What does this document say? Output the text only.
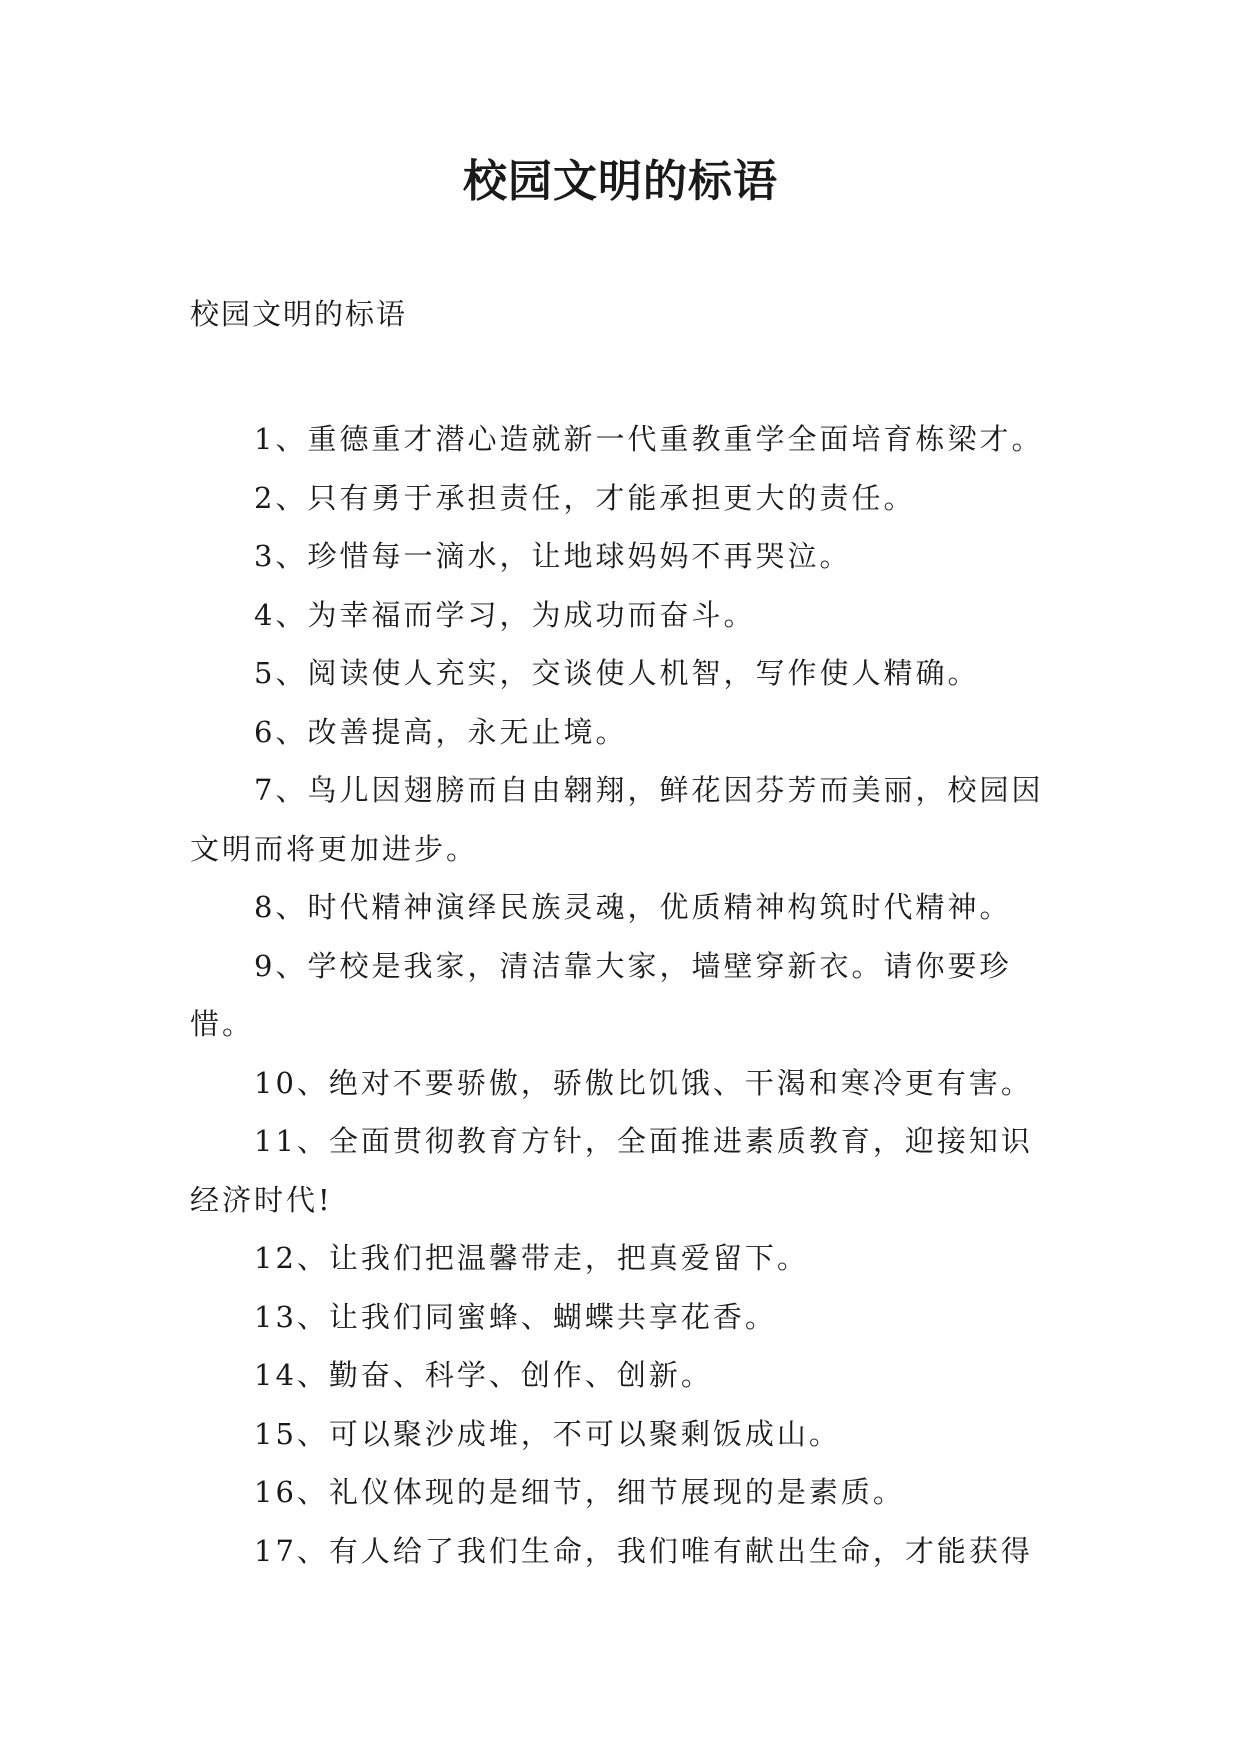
校园文明的标语
校园文明的标语

1、重德重才潜心造就新一代重教重学全面培育栋梁才。

2、只有勇于承担责任，才能承担更大的责任。

3、珍惜每一滴水，让地球妈妈不再哭泣。

4、为幸福而学习，为成功而奋斗。

5、阅读使人充实，交谈使人机智，写作使人精确。

6、改善提高，永无止境。

7、鸟儿因翅膀而自由翱翔，鲜花因芬芳而美丽，校园因文明而将更加进步。

8、时代精神演绎民族灵魂，优质精神构筑时代精神。

9、学校是我家，清洁靠大家，墙壁穿新衣。请你要珍惜。

10、绝对不要骄傲，骄傲比饥饿、干渴和寒冷更有害。

11、全面贯彻教育方针，全面推进素质教育，迎接知识经济时代!

12、让我们把温馨带走，把真爱留下。

13、让我们同蜜蜂、蝴蝶共享花香。

14、勤奋、科学、创作、创新。

15、可以聚沙成堆，不可以聚剩饭成山。

16、礼仪体现的是细节，细节展现的是素质。

17、有人给了我们生命，我们唯有献出生命，才能获得
